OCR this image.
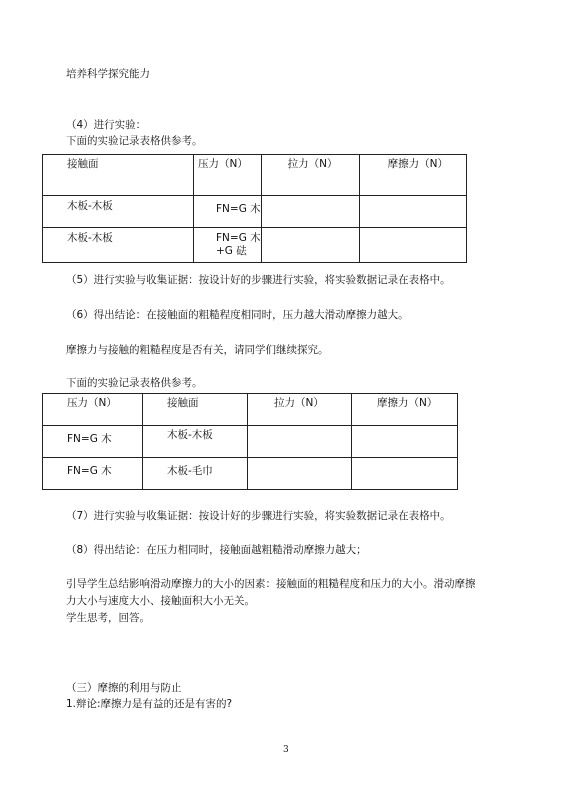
培养科学探究能力
（4）进行实验：
下面的实验记录表格供参考。
接触面	压力（N）	拉力（N）	摩擦力（N）
木板-木板	FN=G 木		

木板-木板	FN=G 木
+G 砝		

（5）进行实验与收集证据：按设计好的步骤进行实验，将实验数据记录在表格中。
（6）得出结论：在接触面的粗糙程度相同时，压力越大滑动摩擦力越大。
摩擦力与接触的粗糙程度是否有关，请同学们继续探究。
下面的实验记录表格供参考。
压力（N）	接触面	拉力（N）	摩擦力（N）
FN=G 木	木板-木板		
FN=G 木	木板-毛巾		
（7）进行实验与收集证据：按设计好的步骤进行实验，将实验数据记录在表格中。
（8）得出结论：在压力相同时，接触面越粗糙滑动摩擦力越大；
引导学生总结影响滑动摩擦力的大小的因素：接触面的粗糙程度和压力的大小。滑动摩擦
力大小与速度大小、接触面积大小无关。
学生思考，回答。
（三）摩擦的利用与防止
1.辩论:摩擦力是有益的还是有害的?
3
